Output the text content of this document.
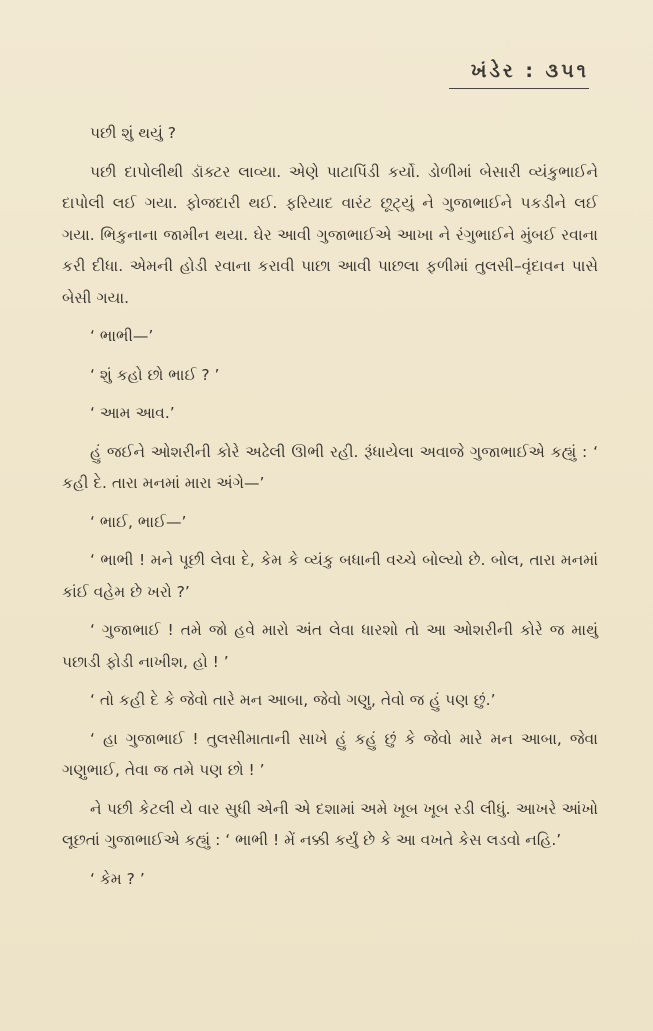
ખંડેર : ૩૫૧

પછી શું થયું ?

પછી દાપોલીથી ડૉક્ટર લાવ્યા. એણે પાટાપિંડી કર્યો. ડોળીમાં બેસારી વ્યંકુભાઈને દાપોલી લઈ ગયા. ફોજદારી થઈ. ફરિયાદ વારંટ છૂટ્યું ને ગુજાભાઈને પકડીને લઈ ગયા. ભિકુનાના જામીન થયા. ઘેર આવી ગુજાભાઈએ આખા ને રંગુભાઈને મુંબઈ રવાના કરી દીધા. એમની હોડી રવાના કરાવી પાછા આવી પાછલા ફળીમાં તુલસી–વૃંદાવન પાસે બેસી ગયા.

‘ ભાભી—’

‘ શું કહો છો ભાઈ ? ’

‘ આમ આવ.’

હું જઈને ઓશરીની કોરે અઢેલી ઊભી રહી. રૂંધાયેલા અવાજે ગુજાભાઈએ કહ્યું : ‘ કહી દે. તારા મનમાં મારા અંગે—’

‘ ભાઈ, ભાઈ—’

‘ ભાભી ! મને પૂછી લેવા દે, કેમ કે વ્યંકુ બધાની વચ્ચે બોલ્યો છે. બોલ, તારા મનમાં કાંઈ વહેમ છે ખરો ?’

‘ ગુજાભાઈ ! તમે જો હવે મારો અંત લેવા ધારશો તો આ ઓશરીની કોરે જ માથું પછાડી ફોડી નાખીશ, હો ! ’

‘ તો કહી દે કે જેવો તારે મન આબા, જેવો ગણુ, તેવો જ હું પણ છું.’

‘ હા ગુજાભાઈ ! તુલસીમાતાની સાખે હું કહું છું કે જેવો મારે મન આબા, જેવા ગણુભાઈ, તેવા જ તમે પણ છો ! ’

ને પછી કેટલી યે વાર સુધી એની એ દશામાં અમે ખૂબ ખૂબ રડી લીધું. આખરે આંખો લૂછતાં ગુજાભાઈએ કહ્યું : ‘ ભાભી ! મેં નક્કી કર્યું છે કે આ વખતે કેસ લડવો નહિ.’

‘ કેમ ? ’
